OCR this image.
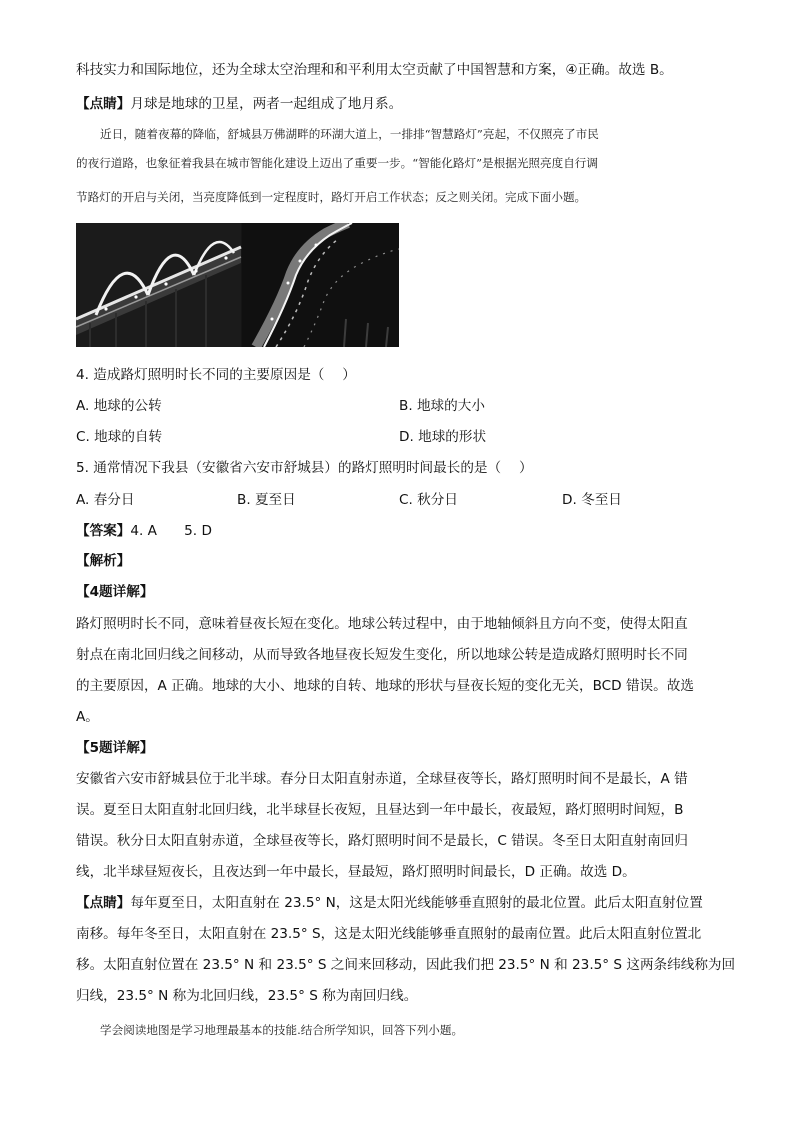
科技实力和国际地位，还为全球太空治理和和平利用太空贡献了中国智慧和方案，④正确。故选 B。
【点睛】月球是地球的卫星，两者一起组成了地月系。
近日，随着夜幕的降临，舒城县万佛湖畔的环湖大道上，一排排“智慧路灯”亮起，不仅照亮了市民
的夜行道路，也象征着我县在城市智能化建设上迈出了重要一步。“智能化路灯”是根据光照亮度自行调
节路灯的开启与关闭，当亮度降低到一定程度时，路灯开启工作状态；反之则关闭。完成下面小题。
4. 造成路灯照明时长不同的主要原因是（　 ）
A. 地球的公转	B. 地球的大小
C. 地球的自转	D. 地球的形状
5. 通常情况下我县（安徽省六安市舒城县）的路灯照明时间最长的是（　 ）
A. 春分日	B. 夏至日	C. 秋分日	D. 冬至日
【答案】4. A　　5. D
【解析】
【4题详解】
路灯照明时长不同，意味着昼夜长短在变化。地球公转过程中，由于地轴倾斜且方向不变，使得太阳直
射点在南北回归线之间移动，从而导致各地昼夜长短发生变化，所以地球公转是造成路灯照明时长不同
的主要原因，A 正确。地球的大小、地球的自转、地球的形状与昼夜长短的变化无关，BCD 错误。故选
A。
【5题详解】
安徽省六安市舒城县位于北半球。春分日太阳直射赤道，全球昼夜等长，路灯照明时间不是最长，A 错
误。夏至日太阳直射北回归线，北半球昼长夜短，且昼达到一年中最长，夜最短，路灯照明时间短，B
错误。秋分日太阳直射赤道，全球昼夜等长，路灯照明时间不是最长，C 错误。冬至日太阳直射南回归
线，北半球昼短夜长，且夜达到一年中最长，昼最短，路灯照明时间最长，D 正确。故选 D。
【点睛】每年夏至日，太阳直射在 23.5° N，这是太阳光线能够垂直照射的最北位置。此后太阳直射位置
南移。每年冬至日，太阳直射在 23.5° S，这是太阳光线能够垂直照射的最南位置。此后太阳直射位置北
移。太阳直射位置在 23.5° N 和 23.5° S 之间来回移动，因此我们把 23.5° N 和 23.5° S 这两条纬线称为回
归线，23.5° N 称为北回归线，23.5° S 称为南回归线。
学会阅读地图是学习地理最基本的技能.结合所学知识，回答下列小题。
